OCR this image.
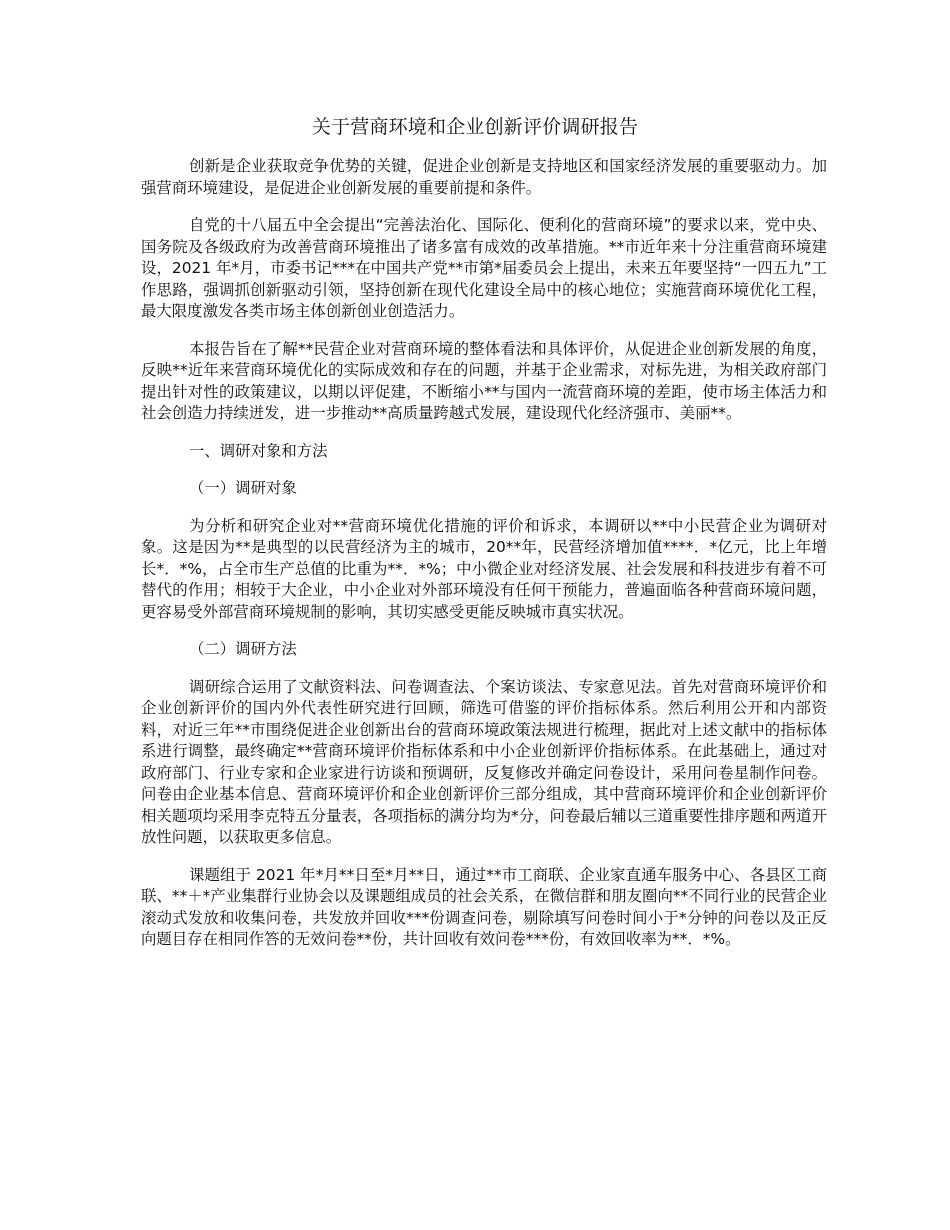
关于营商环境和企业创新评价调研报告

创新是企业获取竞争优势的关键，促进企业创新是支持地区和国家经济发展的重要驱动力。加强营商环境建设，是促进企业创新发展的重要前提和条件。

自党的十八届五中全会提出“完善法治化、国际化、便利化的营商环境”的要求以来，党中央、国务院及各级政府为改善营商环境推出了诸多富有成效的改革措施。**市近年来十分注重营商环境建设，2021 年*月，市委书记***在中国共产党**市第*届委员会上提出，未来五年要坚持“一四五九”工作思路，强调抓创新驱动引领，坚持创新在现代化建设全局中的核心地位；实施营商环境优化工程，最大限度激发各类市场主体创新创业创造活力。

本报告旨在了解**民营企业对营商环境的整体看法和具体评价，从促进企业创新发展的角度，反映**近年来营商环境优化的实际成效和存在的问题，并基于企业需求，对标先进，为相关政府部门提出针对性的政策建议，以期以评促建，不断缩小**与国内一流营商环境的差距，使市场主体活力和社会创造力持续迸发，进一步推动**高质量跨越式发展，建设现代化经济强市、美丽**。

一、调研对象和方法

（一）调研对象

为分析和研究企业对**营商环境优化措施的评价和诉求，本调研以**中小民营企业为调研对象。这是因为**是典型的以民营经济为主的城市，20**年，民营经济增加值****．*亿元，比上年增长*．*%，占全市生产总值的比重为**．*%；中小微企业对经济发展、社会发展和科技进步有着不可替代的作用；相较于大企业，中小企业对外部环境没有任何干预能力，普遍面临各种营商环境问题，更容易受外部营商环境规制的影响，其切实感受更能反映城市真实状况。

（二）调研方法

调研综合运用了文献资料法、问卷调查法、个案访谈法、专家意见法。首先对营商环境评价和企业创新评价的国内外代表性研究进行回顾，筛选可借鉴的评价指标体系。然后利用公开和内部资料，对近三年**市围绕促进企业创新出台的营商环境政策法规进行梳理，据此对上述文献中的指标体系进行调整，最终确定**营商环境评价指标体系和中小企业创新评价指标体系。在此基础上，通过对政府部门、行业专家和企业家进行访谈和预调研，反复修改并确定问卷设计，采用问卷星制作问卷。问卷由企业基本信息、营商环境评价和企业创新评价三部分组成，其中营商环境评价和企业创新评价相关题项均采用李克特五分量表，各项指标的满分均为*分，问卷最后辅以三道重要性排序题和两道开放性问题，以获取更多信息。

课题组于 2021 年*月**日至*月**日，通过**市工商联、企业家直通车服务中心、各县区工商联、**＋*产业集群行业协会以及课题组成员的社会关系，在微信群和朋友圈向**不同行业的民营企业滚动式发放和收集问卷，共发放并回收***份调查问卷，剔除填写问卷时间小于*分钟的问卷以及正反向题目存在相同作答的无效问卷**份，共计回收有效问卷***份，有效回收率为**．*%。
